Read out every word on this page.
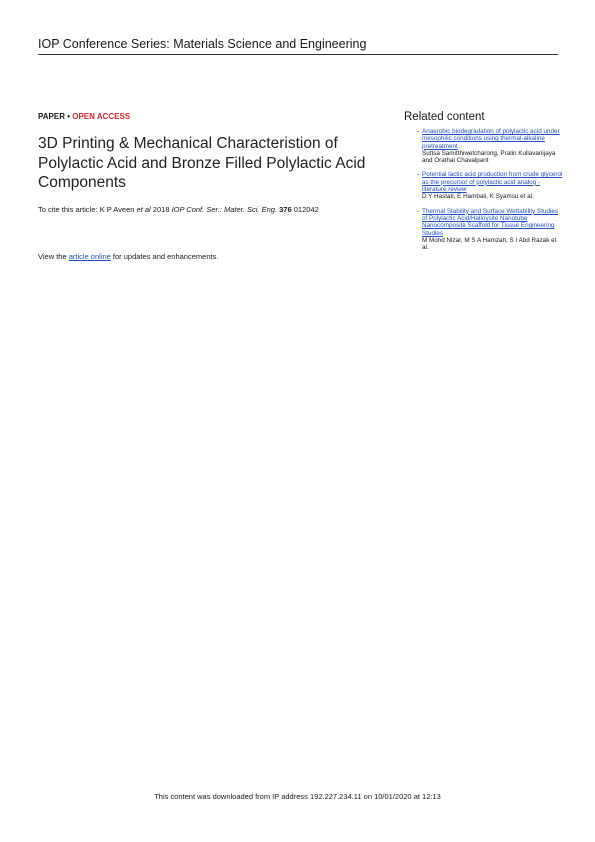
IOP Conference Series: Materials Science and Engineering
PAPER • OPEN ACCESS
3D Printing & Mechanical Characteristion of
Polylactic Acid and Bronze Filled Polylactic Acid
Components
To cite this article: K P Aveen et al 2018 IOP Conf. Ser.: Mater. Sci. Eng. 376 012042
View the article online for updates and enhancements.
Related content
- Anaerobic biodegradation of polylactic acid under mesophilic conditions using thermal-alkaline pretreatment
Suttsa Samitthiwetcharong, Pralin Kullavanijaya and Orathai Chavalparit
- Potential lactic acid production from crude glycerol as the precursor of polylactic acid analog - literature review
D Y Hastati, E Hambali, K Syamsu et al.
- Thermal Stability and Surface Wettability Studies of Polylactic Acid/Halloysite Nanotube Nanocomposite Scaffold for Tissue Engineering Studies
M Mohd Nizar, M S A Hamzah, S I Abd Razak et al.
This content was downloaded from IP address 192.227.234.11 on 10/01/2020 at 12:13
